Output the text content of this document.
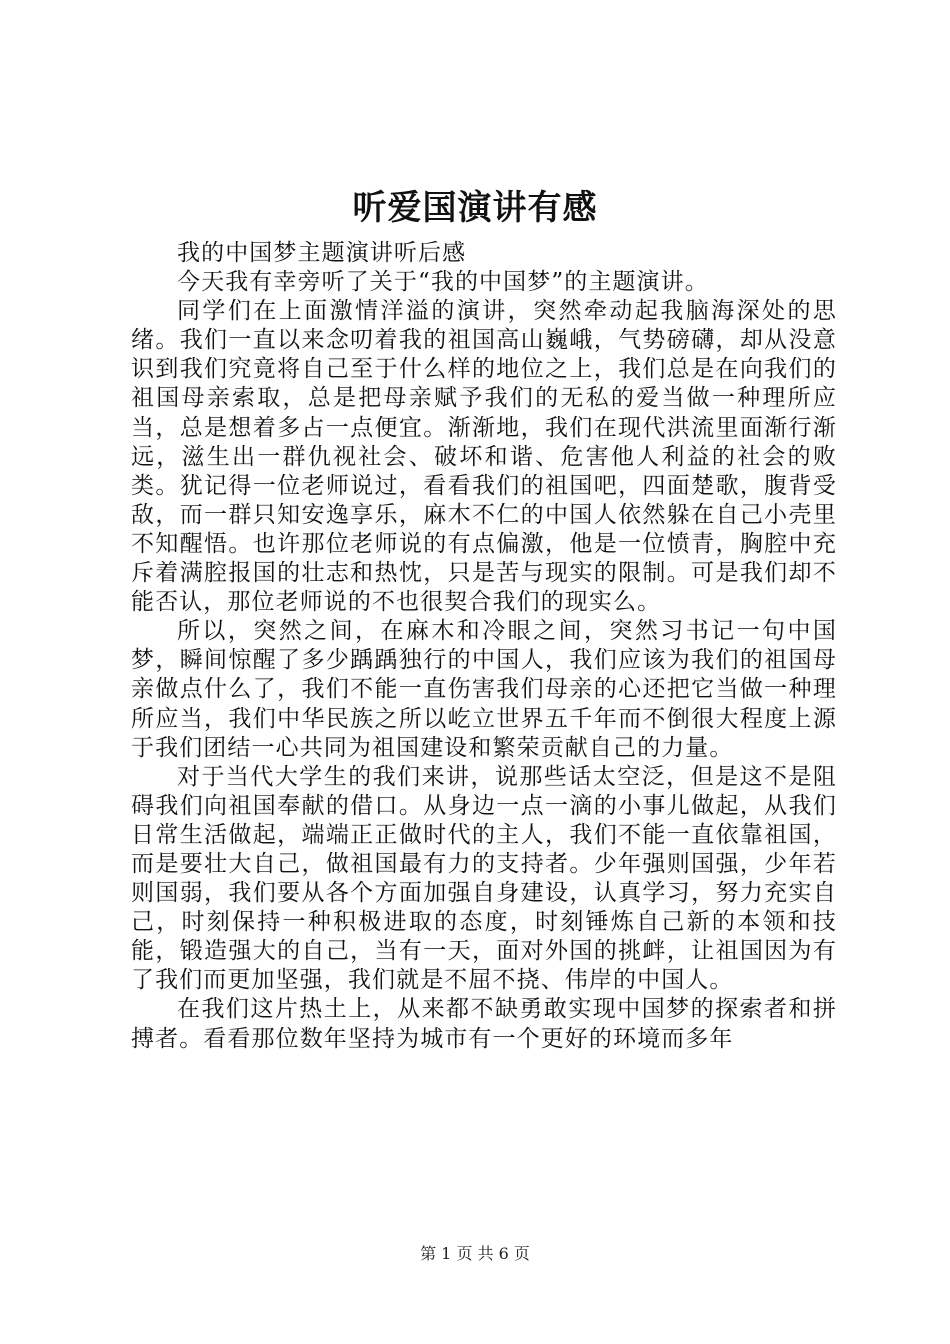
听爱国演讲有感

我的中国梦主题演讲听后感

今天我有幸旁听了关于“我的中国梦”的主题演讲。

同学们在上面激情洋溢的演讲，突然牵动起我脑海深处的思绪。我们一直以来念叨着我的祖国高山巍峨，气势磅礴，却从没意识到我们究竟将自己至于什么样的地位之上，我们总是在向我们的祖国母亲索取，总是把母亲赋予我们的无私的爱当做一种理所应当，总是想着多占一点便宜。渐渐地，我们在现代洪流里面渐行渐远，滋生出一群仇视社会、破坏和谐、危害他人利益的社会的败类。犹记得一位老师说过，看看我们的祖国吧，四面楚歌，腹背受敌，而一群只知安逸享乐，麻木不仁的中国人依然躲在自己小壳里不知醒悟。也许那位老师说的有点偏激，他是一位愤青，胸腔中充斥着满腔报国的壮志和热忱，只是苦与现实的限制。可是我们却不能否认，那位老师说的不也很契合我们的现实么。

所以，突然之间，在麻木和冷眼之间，突然习书记一句中国梦，瞬间惊醒了多少踽踽独行的中国人，我们应该为我们的祖国母亲做点什么了，我们不能一直伤害我们母亲的心还把它当做一种理所应当，我们中华民族之所以屹立世界五千年而不倒很大程度上源于我们团结一心共同为祖国建设和繁荣贡献自己的力量。

对于当代大学生的我们来讲，说那些话太空泛，但是这不是阻碍我们向祖国奉献的借口。从身边一点一滴的小事儿做起，从我们日常生活做起，端端正正做时代的主人，我们不能一直依靠祖国，而是要壮大自己，做祖国最有力的支持者。少年强则国强，少年若则国弱，我们要从各个方面加强自身建设，认真学习，努力充实自己，时刻保持一种积极进取的态度，时刻锤炼自己新的本领和技能，锻造强大的自己，当有一天，面对外国的挑衅，让祖国因为有了我们而更加坚强，我们就是不屈不挠、伟岸的中国人。

在我们这片热土上，从来都不缺勇敢实现中国梦的探索者和拼搏者。看看那位数年坚持为城市有一个更好的环境而多年

第 1 页 共 6 页
